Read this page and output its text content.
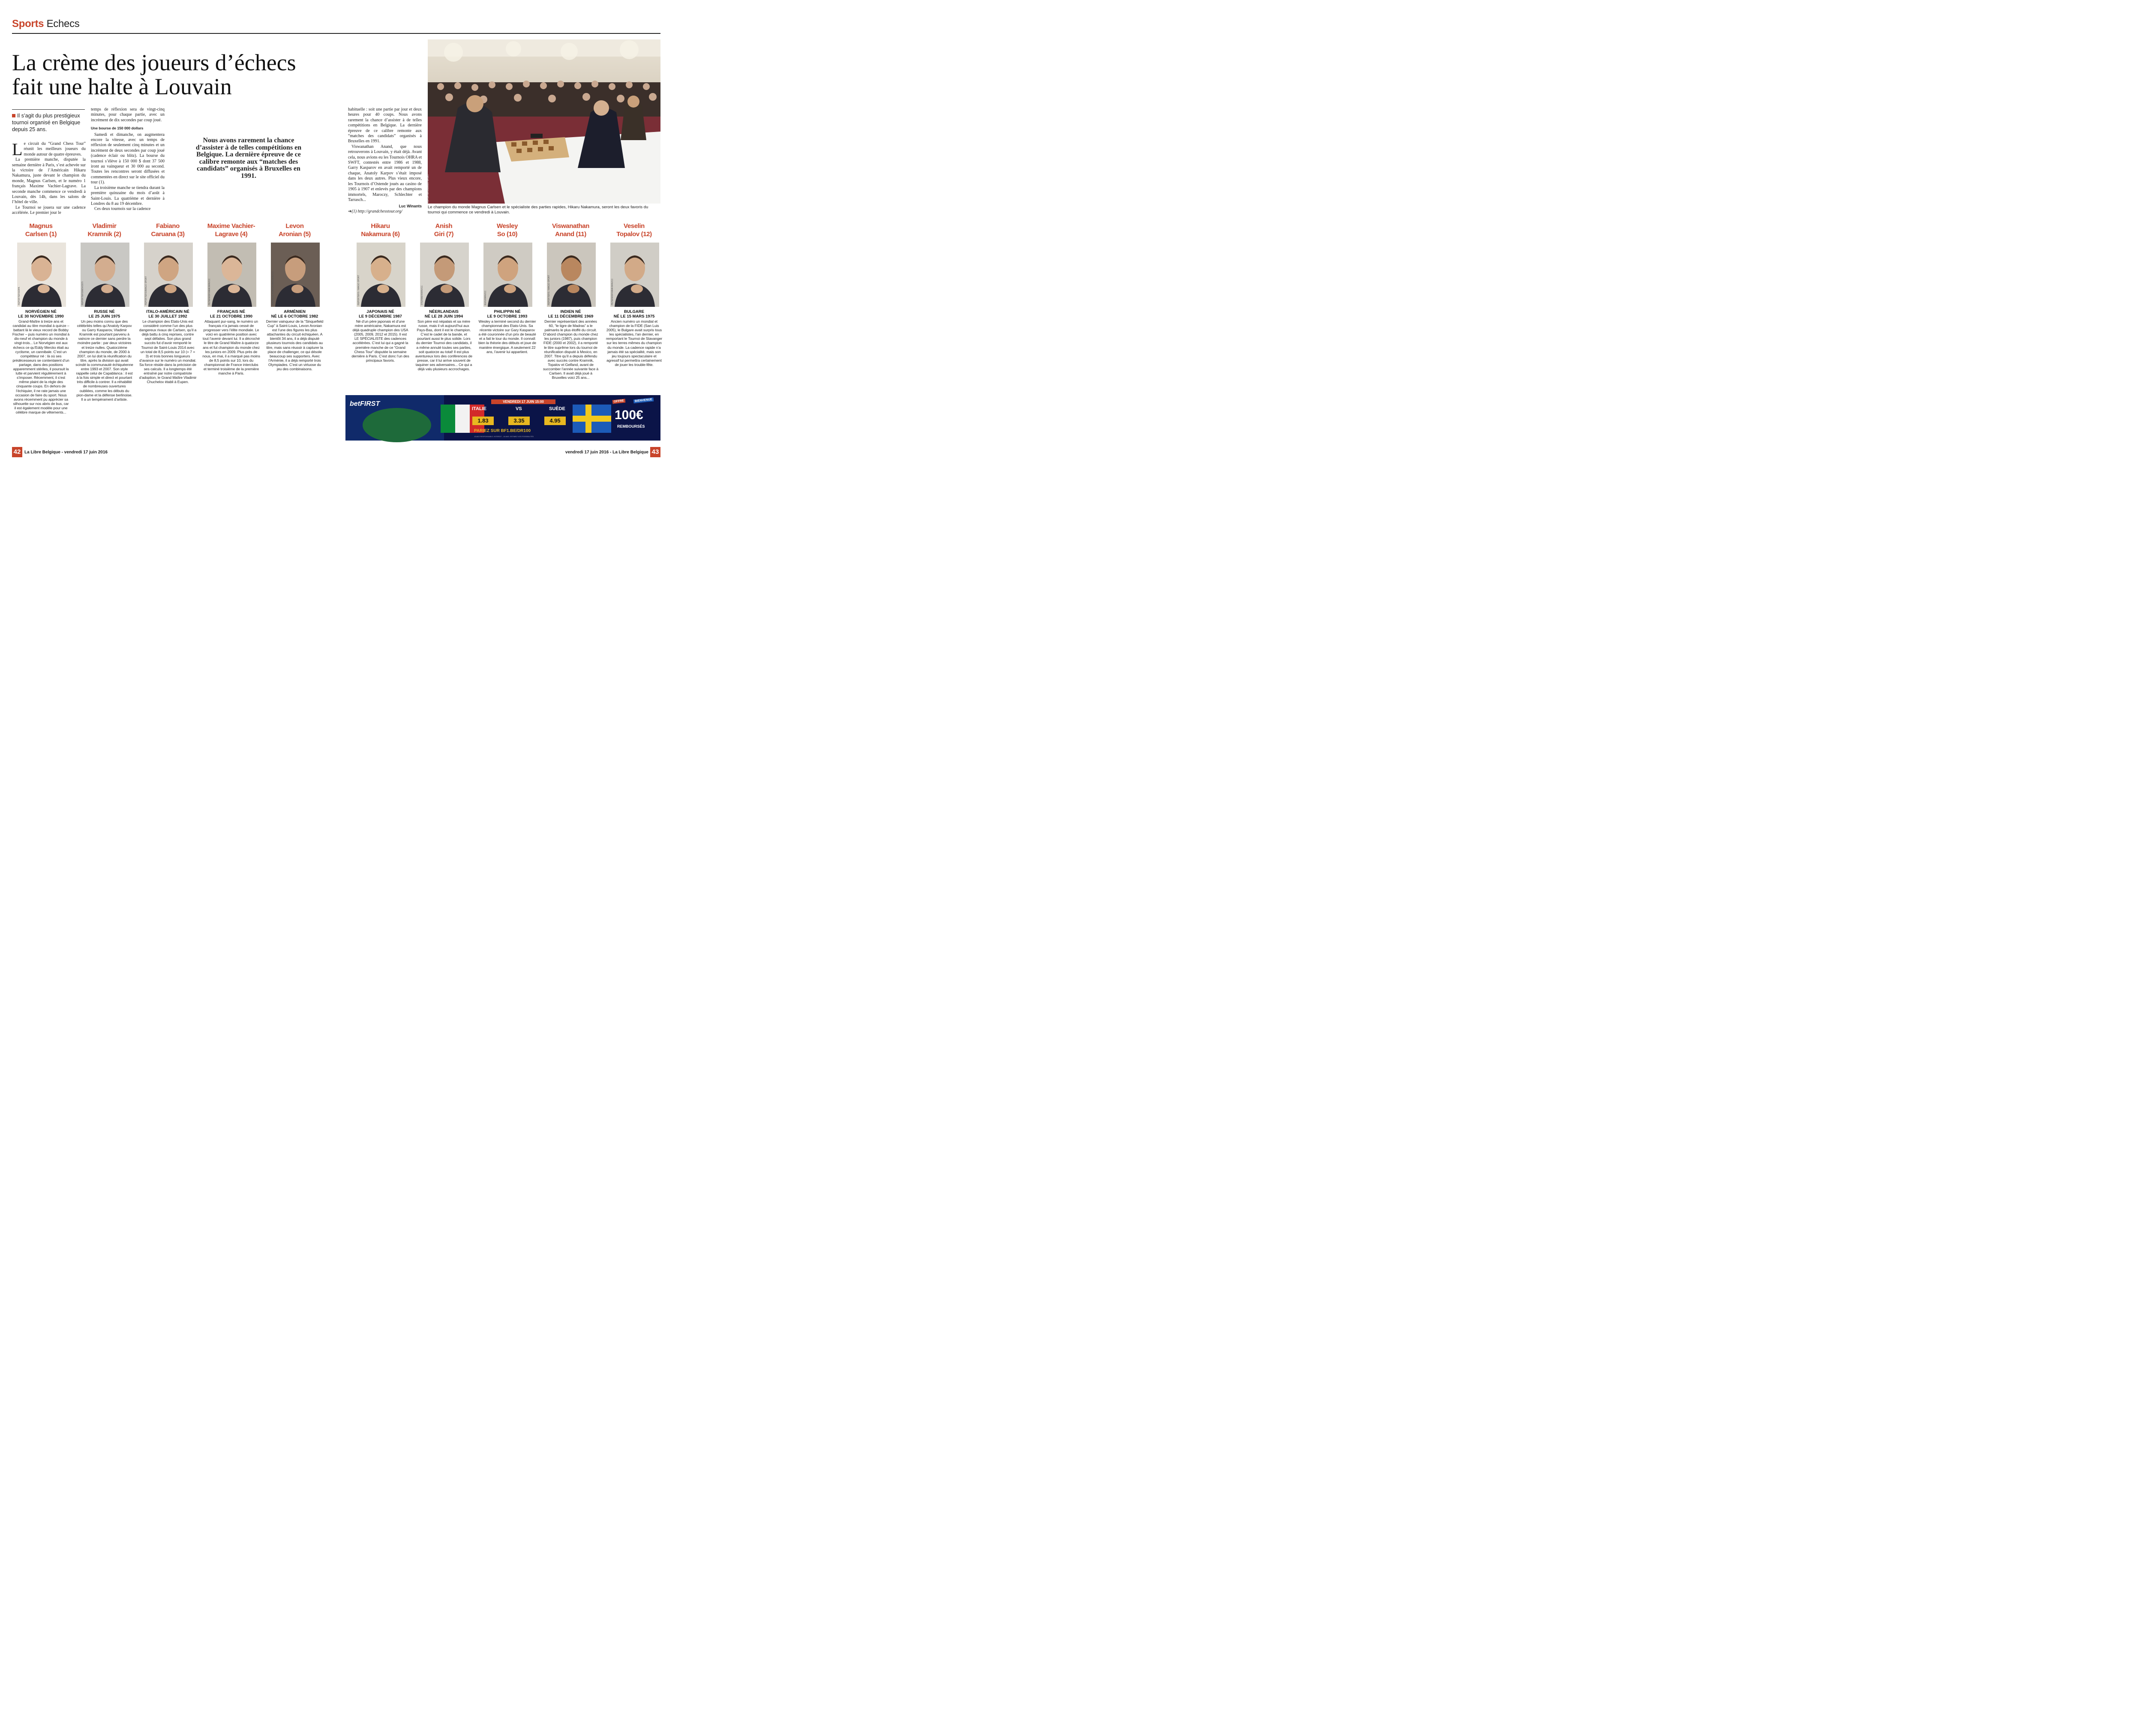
Sports Echecs
La crème des joueurs d’échecs
fait une halte à Louvain
Il s’agit du plus prestigieux tournoi organisé en Belgique depuis 25 ans.

Le circuit du “Grand Chess Tour” réunit les meilleurs joueurs du monde autour de quatre épreuves.

La première manche, disputée la semaine dernière à Paris, s’est achevée sur la victoire de l’Américain Hikaru Nakamura, juste devant le champion du monde, Magnus Carlsen, et le numéro 1 français Maxime Vachier-Lagrave. La seconde manche commence ce vendredi à Louvain, dès 14h, dans les salons de l’hôtel de ville.

Le Tournoi se jouera sur une cadence accélérée. Le premier jour le

temps de réflexion sera de vingt-cinq minutes, pour chaque partie, avec un incrément de dix secondes par coup joué.

Une bourse de 150 000 dollars

Samedi et dimanche, on augmentera encore la vitesse, avec un temps de réflexion de seulement cinq minutes et un incrément de deux secondes par coup joué (cadence éclair ou blitz). La bourse du tournoi s’élève à 150 000 $ dont 37 500 iront au vainqueur et 30 000 au second. Toutes les rencontres seront diffusées et commentées en direct sur le site officiel du tour (1).

La troisième manche se tiendra durant la première quinzaine du mois d’août à Saint-Louis. La quatrième et dernière à Londres du 8 au 19 décembre.

Ces deux tournois sur la cadence

Nous avons rarement la chance d’assister à de telles compétitions en Belgique. La dernière épreuve de ce calibre remonte aux “matches des candidats” organisés à Bruxelles en 1991.

habituelle : soit une partie par jour et deux heures pour 40 coups. Nous avons rarement la chance d’assister à de telles compétitions en Belgique. La dernière épreuve de ce calibre remonte aux “matches des candidats” organisés à Bruxelles en 1991.

Viswanathan Anand, que nous retrouverons à Louvain, y était déjà. Avant cela, nous avions eu les Tournois OHRA et SWFT, contestés entre 1986 et 1988, Garry Kasparov en avait remporté un de chaque, Anatoly Karpov s’était imposé dans les deux autres. Plus vieux encore, les Tournois d’Ostende joués au casino de 1905 à 1907 et enlevés par des champions immortels, Maroczy, Schlechter et Tarrasch...

Luc Winants

➔(1) http://grandchesstour.org/
REPORTERS/IMAGO SPORT
Le champion du monde Magnus Carlsen et le spécialiste des parties rapides, Hikaru Nakamura, seront les deux favoris du tournoi qui commence ce vendredi à Louvain.
Magnus
Carlsen (1)
REPORTERS/DPA
NORVÉGIEN NÉ
LE 30 NOVEMBRE 1990
Grand-Maître à treize ans et candidat au titre mondial à quinze – battant là le vieux record de Bobby Fischer – puis numéro un mondial à dix-neuf et champion du monde à vingt-trois... Le Norvégien est aux échecs ce qu’Eddy Merckx était au cyclisme, un cannibale. C’est un compétiteur né : là où ses prédécesseurs se contentaient d’un partage, dans des positions apparemment stériles, il poursuit la lutte et parvient régulièrement à s’imposer. Récemment, il s’est même plaint de la règle des cinquante coups. En dehors de l’échiquier, il ne rate jamais une occasion de faire du sport. Nous avons récemment pu apprécier sa silhouette sur nos abris de bus, car il est également modèle pour une célèbre marque de vêtements...
Vladimir
Kramnik (2)
REPORTERS/NOVOSTI
RUSSE NÉ
LE 25 JUIN 1975
Un peu moins connu que des célébrités telles qu’Anatoly Karpov ou Garry Kasparov, Vladimir Kramnik est pourtant parvenu à vaincre ce dernier sans perdre la moindre partie : par deux victoires et treize nulles. Quatorzième champion du monde, de 2000 à 2007, on lui doit la réunification du titre, après la division qui avait scindé la communauté échiquéenne entre 1993 et 2007. Son style rappelle celui de Capablanca : il est à la fois simple et direct et pourtant très difficile à contrer. Il a réhabilité de nombreuses ouvertures oubliées, comme les débuts du pion-dame et la défense berlinoise. Il a un tempérament d’artiste.
Fabiano
Caruana (3)
REPORTERS/IMAGO SPORT
ITALO-AMÉRICAIN NÉ
LE 30 JUILLET 1992
Le champion des Etats-Unis est considéré comme l’un des plus dangereux rivaux de Carlsen, qu’il a déjà battu à cinq reprises, contre sept défaites. Son plus grand succès fut d’avoir remporté le Tournoi de Saint-Louis 2014 avec un total de 8,5 points sur 10 (+ 7 = 3) et trois bonnes longueurs d’avance sur le numéro un mondial. Sa force réside dans la précision de ses calculs. Il a longtemps été entraîné par notre compatriote d’adoption, le Grand Maître Vladimir Chuchelov établi à Eupen.
Maxime Vachier-
Lagrave (4)
PETERMSFRANK/WIKI/CC
FRANÇAIS NÉ
LE 21 OCTOBRE 1990
Attaquant pur-sang, le numéro un français n’a jamais cessé de progresser vers l’élite mondiale. Le voici en quatrième position avec tout l’avenir devant lui. Il a décroché le titre de Grand Maître à quatorze ans et fut champion du monde chez les juniors en 2009. Plus près de nous, en mai, il a marqué pas moins de 8,5 points sur 10, lors du championnat de France interclubs et terminé troisième de la première manche à Paris.
Levon
Aronian (5)
ANDREAS KONTOKANIS/WIKI/CC
ARMÉNIEN
NÉ LE 6 OCTOBRE 1982
Dernier vainqueur de la “Sinquefield Cup” à Saint-Louis, Levon Aronian est l’une des figures les plus attachantes du circuit échiquéen. A bientôt 34 ans, il a déjà disputé plusieurs tournois des candidats au titre, mais sans réussir à capturer la place de challenger, ce qui désole beaucoup ses supporters. Avec l’Arménie, il a déjà remporté trois Olympiades. C’est un virtuose du jeu des combinaisons.
Hikaru
Nakamura (6)
REPORTERS / IMAGO SPORT
JAPONAIS NÉ
LE 9 DÉCEMBRE 1987
Né d’un père japonais et d’une mère américaine, Nakamura est déjà quadruple champion des USA (2005, 2009, 2012 et 2015). Il est LE SPÉCIALISTE des cadences accélérées. C’est lui qui a gagné la première manche de ce “Grand Chess Tour” disputée la semaine dernière à Paris. C’est donc l’un des principaux favoris.
Anish
Giri (7)
STEFAN64/WIKI/CC
NÉERLANDAIS
NÉ LE 28 JUIN 1994
Son père est népalais et sa mère russe, mais il vit aujourd’hui aux Pays-Bas, dont il est le champion. C’est le cadet de la bande, et pourtant aussi le plus solide. Lors du dernier Tournoi des candidats, il a même annulé toutes ses parties, soit quatorze au total! Il est plus aventureux lors des conférences de presse, car il lui arrive souvent de taquiner ses adversaires... Ce qui a déjà valu plusieurs accrochages.
Wesley
So (10)
ELKU/WIKI/CC
PHILIPPIN NÉ
LE 9 OCTOBRE 1993
Wesley a terminé second du dernier championnat des Etats-Unis. Sa récente victoire sur Gary Kasparov a été couronnée d’un prix de beauté et a fait le tour du monde. Il connaît bien la théorie des débuts et joue de manière énergique. A seulement 22 ans, l’avenir lui appartient.
Viswanathan
Anand (11)
REPORTERS / IMAGO SPORT
INDIEN NÉ
LE 11 DÉCEMBRE 1969
Dernier représentant des années 60, “le tigre de Madras” a le palmarès le plus étoffé du circuit. D’abord champion du monde chez les juniors (1987), puis champion FIDE (2000 et 2002), il a remporté le titre suprême lors du tournoi de réunification disputé à Mexico, en 2007. Titre qu’il a depuis défendu avec succès contre Kramnik, Topalov et Gelfand, avant de succomber l’année suivante face à Carlsen. Il avait déjà joué à Bruxelles voici 25 ans...
Veselin
Topalov (12)
PETERMSFRANK/WIKI/CC
BULGARE
NÉ LE 15 MARS 1975
Ancien numéro un mondial et champion de la FIDE (San Luis 2005), le Bulgare avait surpris tous les spécialistes, l’an dernier, en remportant le Tournoi de Stavanger sur les terres mêmes du champion du monde. La cadence rapide n’a jamais été sa spécialité, mais son jeu toujours spectaculaire et agressif lui permettra certainement de jouer les trouble-fête.
betFIRST	VENDREDI 17 JUIN 15:00
ITALIE	VS	SUÈDE
1.83	3.35	4.95
PARIEZ SUR BF1.BE/DR100
JOUEZ RESPONSABLE. INTERDIT - 18 ANS. ESTIMEZ VOS POSSIBILITÉS
OFFRE	BIENVENUE
100€
REMBOURSÉS
42 La Libre Belgique - vendredi 17 juin 2016	vendredi 17 juin 2016 - La Libre Belgique 43
